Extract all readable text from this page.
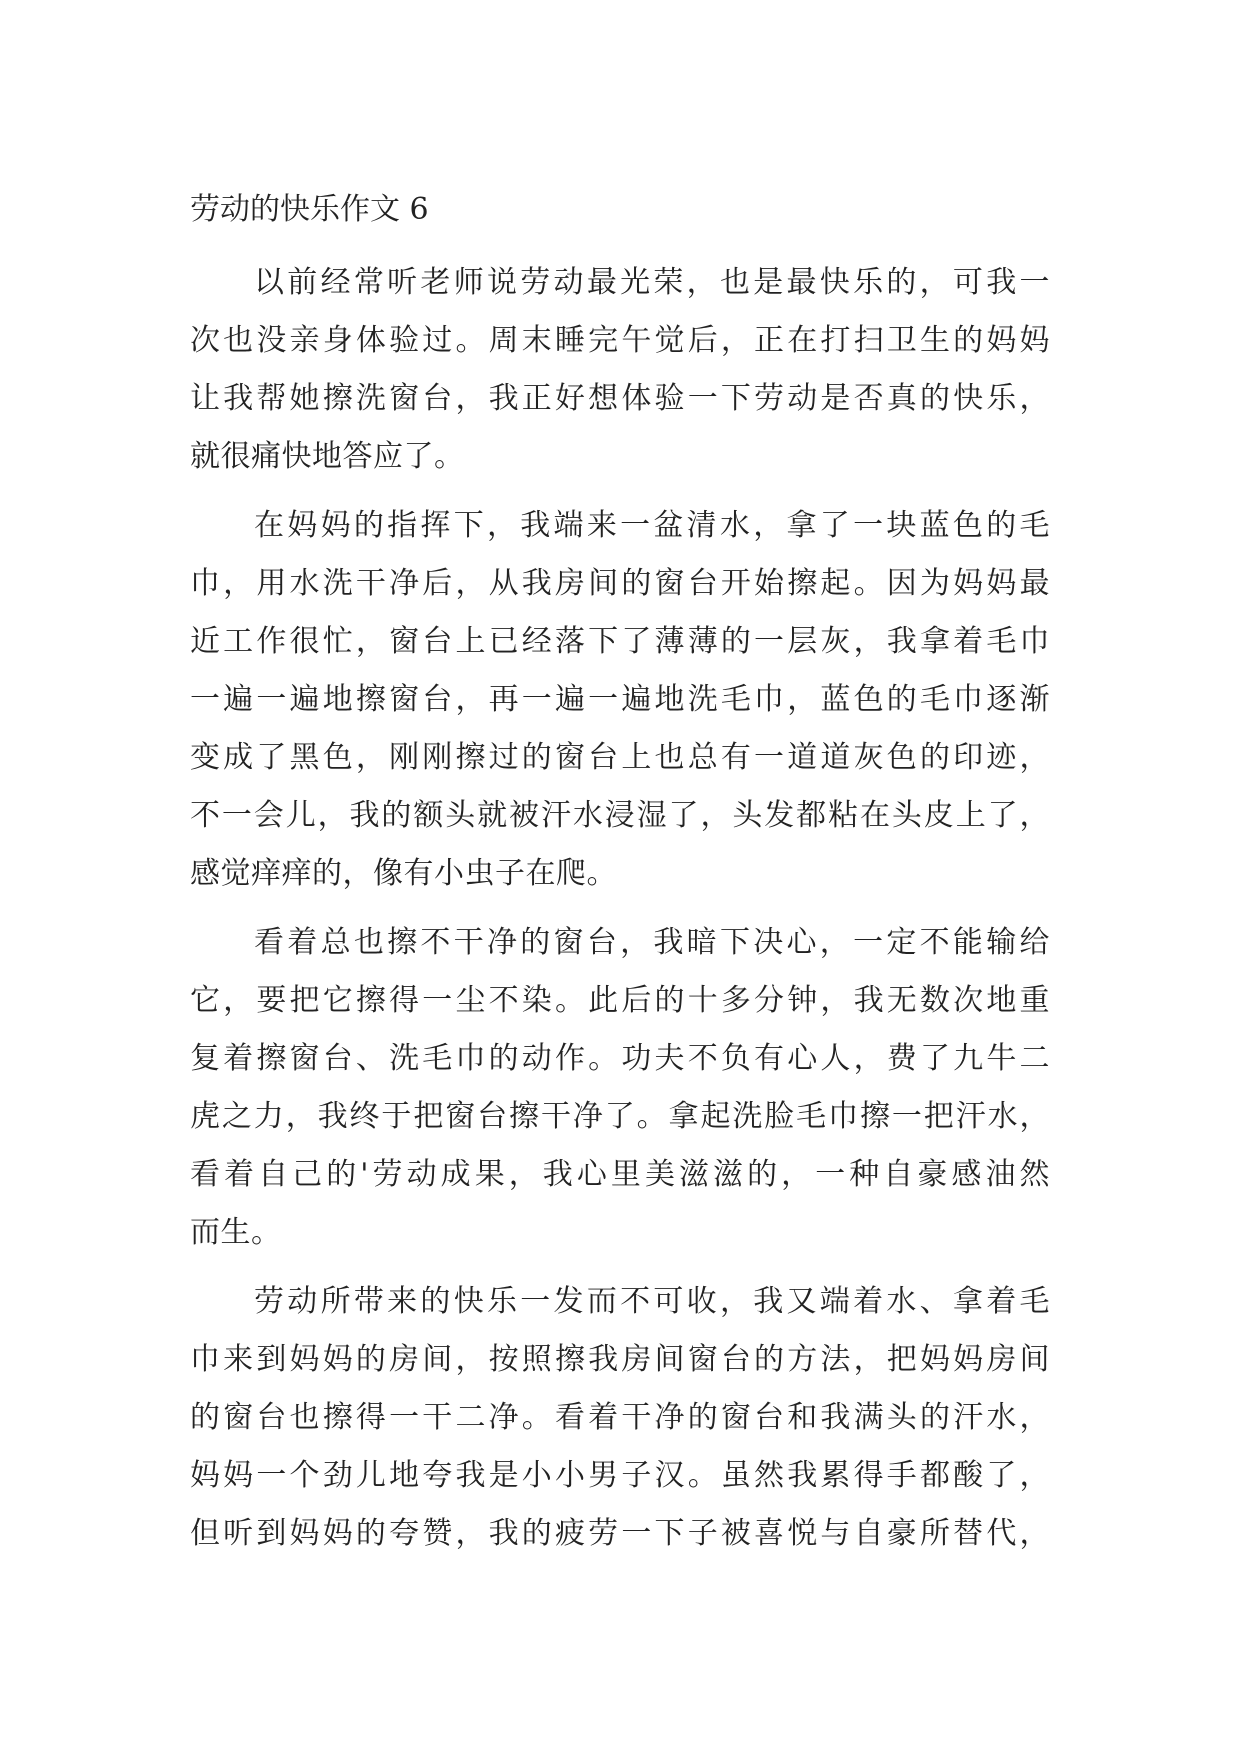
劳动的快乐作文 6
以前经常听老师说劳动最光荣，也是最快乐的，可我一
次也没亲身体验过。周末睡完午觉后，正在打扫卫生的妈妈
让我帮她擦洗窗台，我正好想体验一下劳动是否真的快乐，
就很痛快地答应了。
在妈妈的指挥下，我端来一盆清水，拿了一块蓝色的毛
巾，用水洗干净后，从我房间的窗台开始擦起。因为妈妈最
近工作很忙，窗台上已经落下了薄薄的一层灰，我拿着毛巾
一遍一遍地擦窗台，再一遍一遍地洗毛巾，蓝色的毛巾逐渐
变成了黑色，刚刚擦过的窗台上也总有一道道灰色的印迹，
不一会儿，我的额头就被汗水浸湿了，头发都粘在头皮上了，
感觉痒痒的，像有小虫子在爬。
看着总也擦不干净的窗台，我暗下决心，一定不能输给
它，要把它擦得一尘不染。此后的十多分钟，我无数次地重
复着擦窗台、洗毛巾的动作。功夫不负有心人，费了九牛二
虎之力，我终于把窗台擦干净了。拿起洗脸毛巾擦一把汗水，
看着自己的'劳动成果，我心里美滋滋的，一种自豪感油然
而生。
劳动所带来的快乐一发而不可收，我又端着水、拿着毛
巾来到妈妈的房间，按照擦我房间窗台的方法，把妈妈房间
的窗台也擦得一干二净。看着干净的窗台和我满头的汗水，
妈妈一个劲儿地夸我是小小男子汉。虽然我累得手都酸了，
但听到妈妈的夸赞，我的疲劳一下子被喜悦与自豪所替代，
